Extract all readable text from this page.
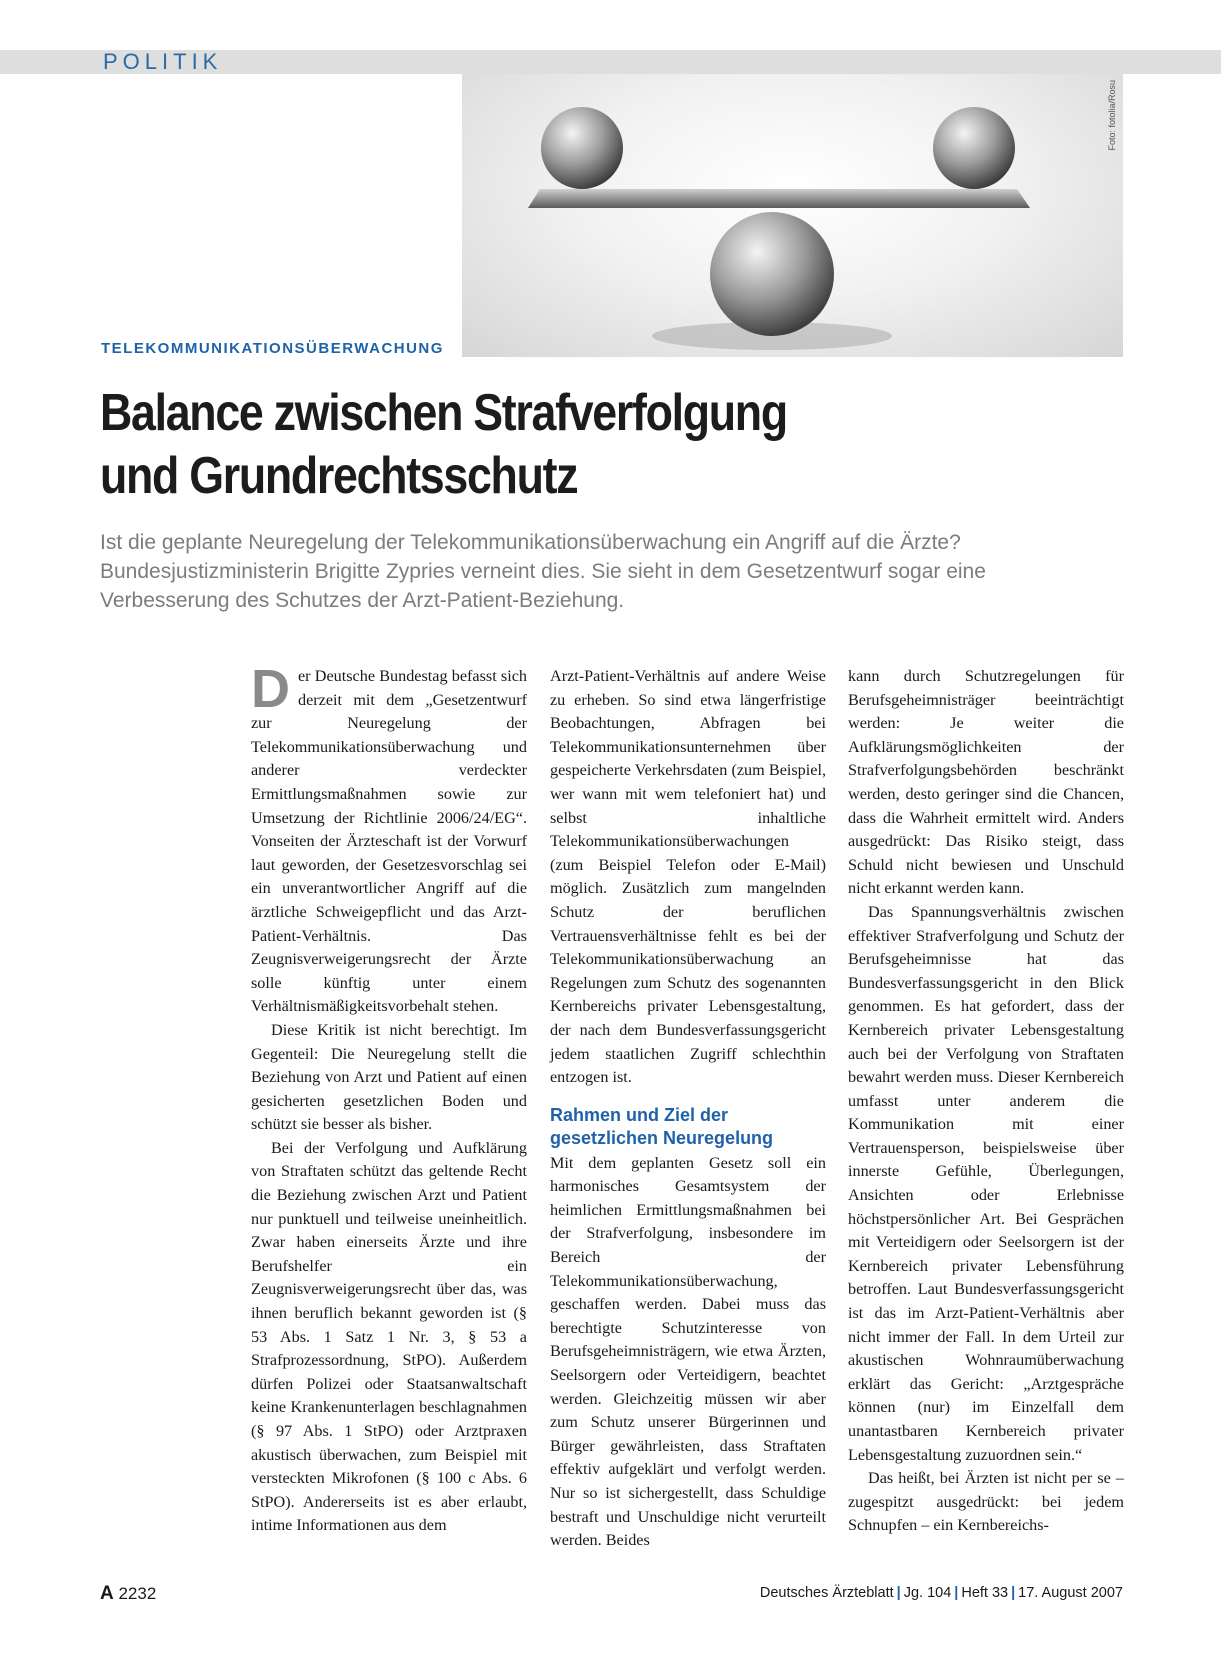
POLITIK
Foto: fotolia/Rosu
TELEKOMMUNIKATIONSÜBERWACHUNG
Balance zwischen Strafverfolgung
und Grundrechtsschutz

Ist die geplante Neuregelung der Telekommunikationsüberwachung ein Angriff auf die Ärzte? Bundesjustizministerin Brigitte Zypries verneint dies. Sie sieht in dem Gesetzentwurf sogar eine Verbesserung des Schutzes der Arzt-Patient-Beziehung.

Der Deutsche Bundestag befasst sich derzeit mit dem „Gesetzentwurf zur Neuregelung der Telekommunikationsüberwachung und anderer verdeckter Ermittlungsmaßnahmen sowie zur Umsetzung der Richtlinie 2006/24/EG“. Vonseiten der Ärzteschaft ist der Vorwurf laut geworden, der Gesetzesvorschlag sei ein unverantwortlicher Angriff auf die ärztliche Schweigepflicht und das Arzt-Patient-Verhältnis. Das Zeugnisverweigerungsrecht der Ärzte solle künftig unter einem Verhältnismäßigkeitsvorbehalt stehen.

Diese Kritik ist nicht berechtigt. Im Gegenteil: Die Neuregelung stellt die Beziehung von Arzt und Patient auf einen gesicherten gesetzlichen Boden und schützt sie besser als bisher.

Bei der Verfolgung und Aufklärung von Straftaten schützt das geltende Recht die Beziehung zwischen Arzt und Patient nur punktuell und teilweise uneinheitlich. Zwar haben einerseits Ärzte und ihre Berufshelfer ein Zeugnisverweigerungsrecht über das, was ihnen beruflich bekannt geworden ist (§ 53 Abs. 1 Satz 1 Nr. 3, § 53 a Strafprozessordnung, StPO). Außerdem dürfen Polizei oder Staatsanwaltschaft keine Krankenunterlagen beschlagnahmen (§ 97 Abs. 1 StPO) oder Arztpraxen akustisch überwachen, zum Beispiel mit versteckten Mikrofonen (§ 100 c Abs. 6 StPO). Andererseits ist es aber erlaubt, intime Informationen aus dem

Arzt-Patient-Verhältnis auf andere Weise zu erheben. So sind etwa längerfristige Beobachtungen, Abfragen bei Telekommunikationsunternehmen über gespeicherte Verkehrsdaten (zum Beispiel, wer wann mit wem telefoniert hat) und selbst inhaltliche Telekommunikationsüberwachungen (zum Beispiel Telefon oder E-Mail) möglich. Zusätzlich zum mangelnden Schutz der beruflichen Vertrauensverhältnisse fehlt es bei der Telekommunikationsüberwachung an Regelungen zum Schutz des sogenannten Kernbereichs privater Lebensgestaltung, der nach dem Bundesverfassungsgericht jedem staatlichen Zugriff schlechthin entzogen ist.

Rahmen und Ziel der gesetzlichen Neuregelung

Mit dem geplanten Gesetz soll ein harmonisches Gesamtsystem der heimlichen Ermittlungsmaßnahmen bei der Strafverfolgung, insbesondere im Bereich der Telekommunikationsüberwachung, geschaffen werden. Dabei muss das berechtigte Schutzinteresse von Berufsgeheimnisträgern, wie etwa Ärzten, Seelsorgern oder Verteidigern, beachtet werden. Gleichzeitig müssen wir aber zum Schutz unserer Bürgerinnen und Bürger gewährleisten, dass Straftaten effektiv aufgeklärt und verfolgt werden. Nur so ist sichergestellt, dass Schuldige bestraft und Unschuldige nicht verurteilt werden. Beides

kann durch Schutzregelungen für Berufsgeheimnisträger beeinträchtigt werden: Je weiter die Aufklärungsmöglichkeiten der Strafverfolgungsbehörden beschränkt werden, desto geringer sind die Chancen, dass die Wahrheit ermittelt wird. Anders ausgedrückt: Das Risiko steigt, dass Schuld nicht bewiesen und Unschuld nicht erkannt werden kann.

Das Spannungsverhältnis zwischen effektiver Strafverfolgung und Schutz der Berufsgeheimnisse hat das Bundesverfassungsgericht in den Blick genommen. Es hat gefordert, dass der Kernbereich privater Lebensgestaltung auch bei der Verfolgung von Straftaten bewahrt werden muss. Dieser Kernbereich umfasst unter anderem die Kommunikation mit einer Vertrauensperson, beispielsweise über innerste Gefühle, Überlegungen, Ansichten oder Erlebnisse höchstpersönlicher Art. Bei Gesprächen mit Verteidigern oder Seelsorgern ist der Kernbereich privater Lebensführung betroffen. Laut Bundesverfassungsgericht ist das im Arzt-Patient-Verhältnis aber nicht immer der Fall. In dem Urteil zur akustischen Wohnraumüberwachung erklärt das Gericht: „Arztgespräche können (nur) im Einzelfall dem unantastbaren Kernbereich privater Lebensgestaltung zuzuordnen sein.“

Das heißt, bei Ärzten ist nicht per se – zugespitzt ausgedrückt: bei jedem Schnupfen – ein Kernbereichs-

A 2232	Deutsches Ärzteblatt | Jg. 104 | Heft 33 | 17. August 2007
